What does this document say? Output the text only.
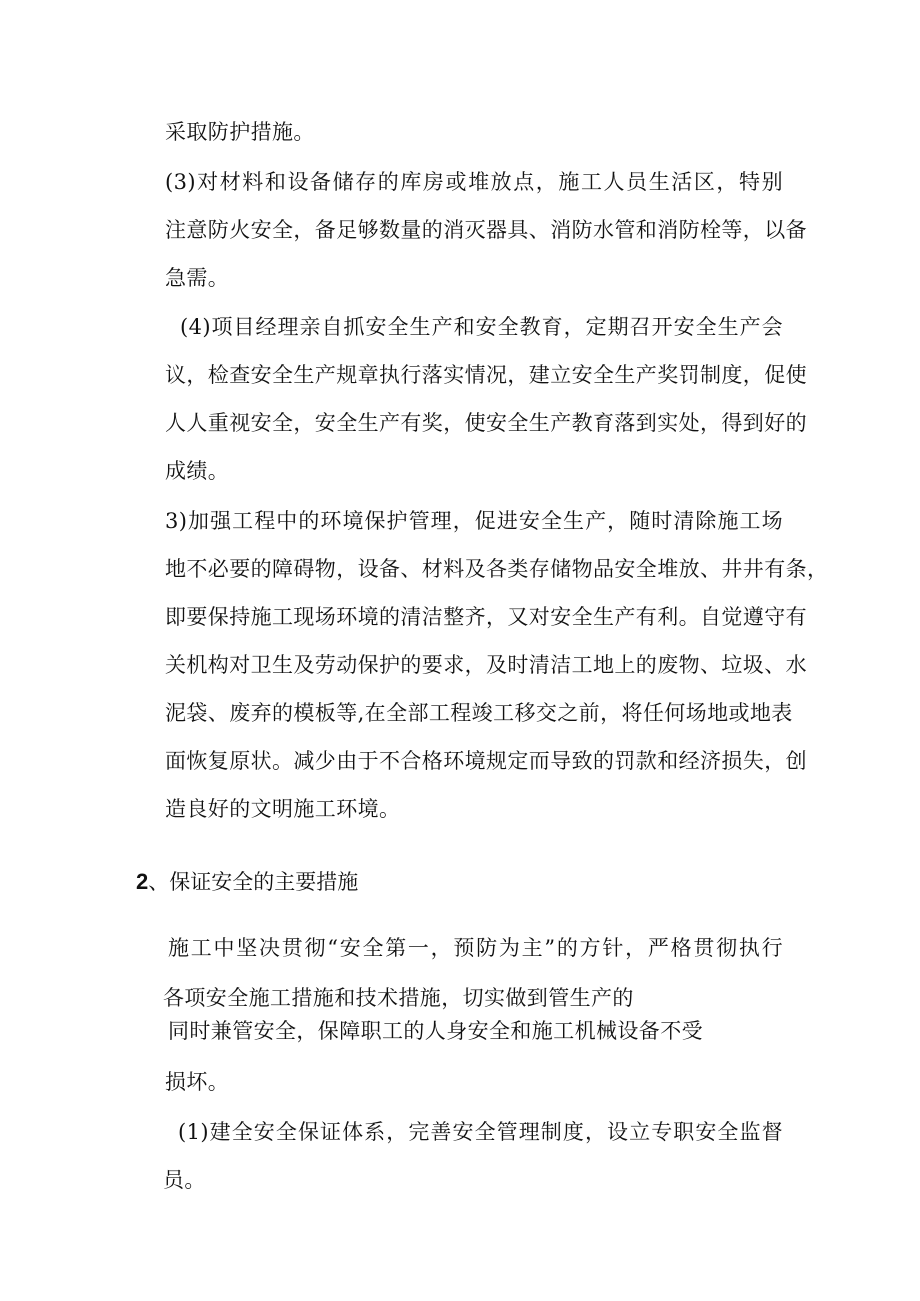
采取防护措施。
(3)对材料和设备储存的库房或堆放点，施工人员生活区，特别
注意防火安全，备足够数量的消灭器具、消防水管和消防栓等，以备
急需。
(4)项目经理亲自抓安全生产和安全教育，定期召开安全生产会
议，检查安全生产规章执行落实情况，建立安全生产奖罚制度，促使
人人重视安全，安全生产有奖，使安全生产教育落到实处，得到好的
成绩。
3)加强工程中的环境保护管理，促进安全生产，随时清除施工场
地不必要的障碍物，设备、材料及各类存储物品安全堆放、井井有条，
即要保持施工现场环境的清洁整齐，又对安全生产有利。自觉遵守有
关机构对卫生及劳动保护的要求，及时清洁工地上的废物、垃圾、水
泥袋、废弃的模板等,在全部工程竣工移交之前，将任何场地或地表
面恢复原状。减少由于不合格环境规定而导致的罚款和经济损失，创
造良好的文明施工环境。
2、保证安全的主要措施
施工中坚决贯彻“安全第一，预防为主”的方针，严格贯彻执行
各项安全施工措施和技术措施，切实做到管生产的
同时兼管安全，保障职工的人身安全和施工机械设备不受
损坏。
(1)建全安全保证体系，完善安全管理制度，设立专职安全监督
员。
